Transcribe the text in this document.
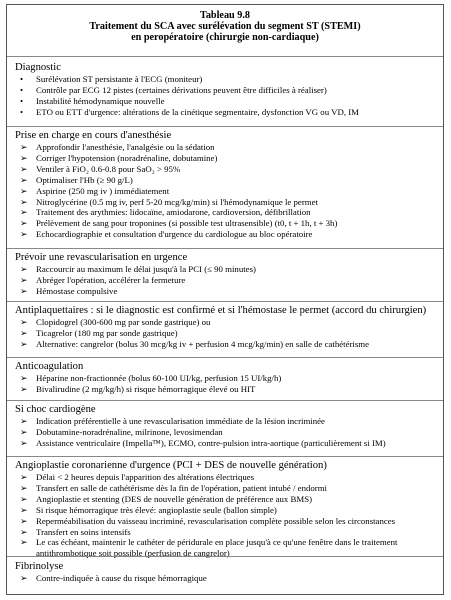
Tableau 9.8
Traitement du SCA avec surélévation du segment ST (STEMI)
en peropératoire (chirurgie non-cardiaque)
Diagnostic
• Surélévation ST persistante à l'ECG (moniteur)
• Contrôle par ECG 12 pistes (certaines dérivations peuvent être difficiles à réaliser)
• Instabilité hémodynamique nouvelle
• ETO ou ETT d'urgence: altérations de la cinétique segmentaire, dysfonction VG ou VD, IM
Prise en charge en cours d'anesthésie
➢ Approfondir l'anesthésie, l'analgésie ou la sédation
➢ Corriger l'hypotension (noradrénaline, dobutamine)
➢ Ventiler à FiO₂ 0.6-0.8 pour SaO₂ > 95%
➢ Optimaliser l'Hb (≥ 90 g/L)
➢ Aspirine (250 mg iv ) immédiatement
➢ Nitroglycérine (0.5 mg iv, perf 5-20 mcg/kg/min) si l'hémodynamique le permet
➢ Traitement des arythmies: lidocaïne, amiodarone, cardioversion, défibrillation
➢ Prélèvement de sang pour troponines (si possible test ultrasensible) (t0, t + 1h, t + 3h)
➢ Echocardiographie et consultation d'urgence du cardiologue au bloc opératoire
Prévoir une revascularisation en urgence
➢ Raccourcir au maximum le délai jusqu'à la PCI (≤ 90 minutes)
➢ Abréger l'opération, accélérer la fermeture
➢ Hémostase compulsive
Antiplaquettaires : si le diagnostic est confirmé et si l'hémostase le permet (accord du chirurgien)
➢ Clopidogrel (300-600 mg par sonde gastrique) ou
➢ Ticagrelor (180 mg par sonde gastrique)
➢ Alternative: cangrelor (bolus 30 mcg/kg iv + perfusion 4 mcg/kg/min) en salle de cathétérisme
Anticoagulation
➢ Héparine non-fractionnée (bolus 60-100 UI/kg, perfusion 15 UI/kg/h)
➢ Bivalirudine (2 mg/kg/h) si risque hémorragique élevé ou HIT
Si choc cardiogène
➢ Indication préférentielle à une revascularisation immédiate de la lésion incriminée
➢ Dobutamine-noradrénaline, milrinone, levosimendan
➢ Assistance ventriculaire (Impella™), ECMO, contre-pulsion intra-aortique (particulièrement si IM)
Angioplastie coronarienne d'urgence (PCI + DES de nouvelle génération)
➢ Délai < 2 heures depuis l'apparition des altérations électriques
➢ Transfert en salle de cathétérisme dès la fin de l'opération, patient intubé / endormi
➢ Angioplastie et stenting (DES de nouvelle génération de préférence aux BMS)
➢ Si risque hémorragique très élevé: angioplastie seule (ballon simple)
➢ Reperméabilisation du vaisseau incriminé, revascularisation complète possible selon les circonstances
➢ Transfert en soins intensifs
➢ Le cas échéant, maintenir le cathéter de péridurale en place jusqu'à ce qu'une fenêtre dans le traitement antithrombotique soit possible (perfusion de cangrelor)
Fibrinolyse
➢ Contre-indiquée à cause du risque hémorragique
